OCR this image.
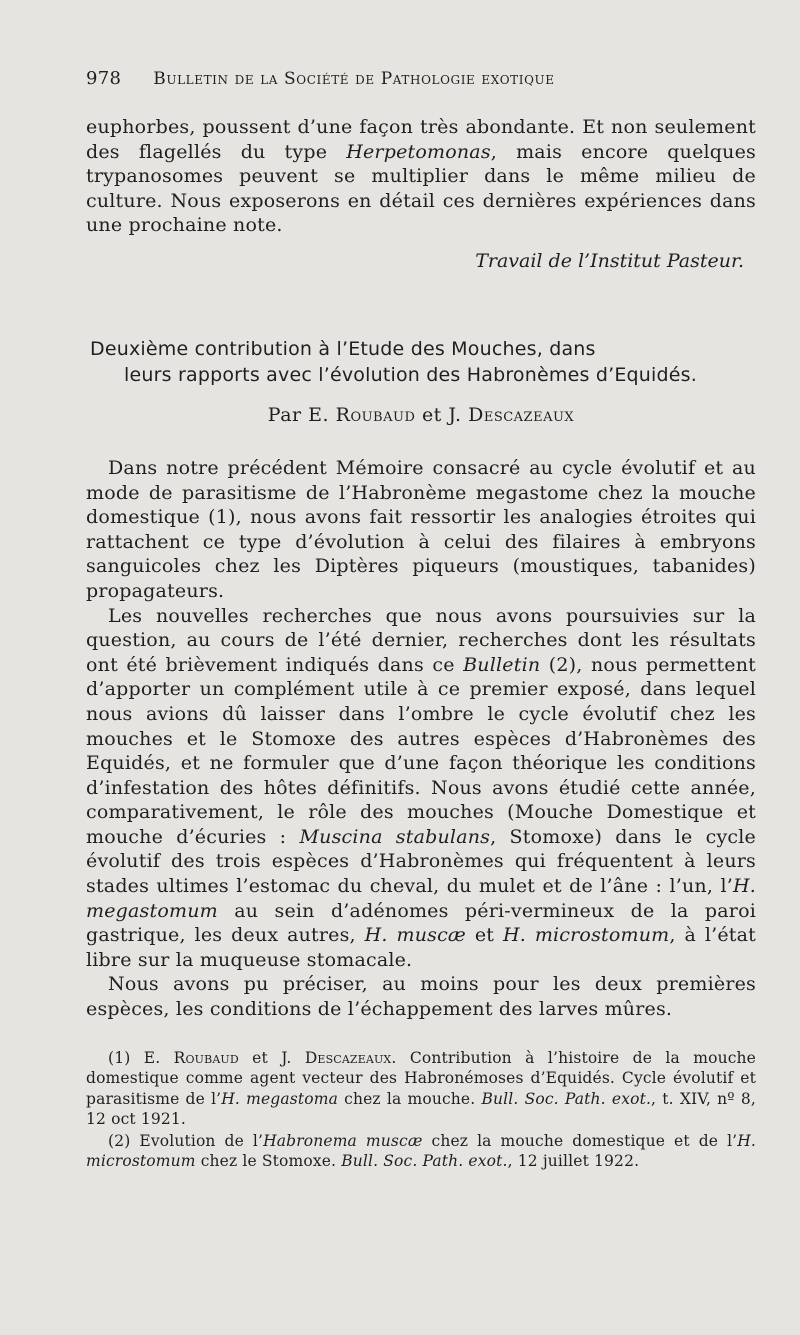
978 Bulletin de la Société de Pathologie exotique

euphorbes, poussent d’une façon très abondante. Et non seulement des flagellés du type Herpetomonas, mais encore quelques trypanosomes peuvent se multiplier dans le même milieu de culture. Nous exposerons en détail ces dernières expériences dans une prochaine note.

Travail de l’Institut Pasteur.
Deuxième contribution à l’Etude des Mouches, dans
leurs rapports avec l’évolution des Habronèmes d’Equidés.
Par E. Roubaud et J. Descazeaux

Dans notre précédent Mémoire consacré au cycle évolutif et au mode de parasitisme de l’Habronème megastome chez la mouche domestique (1), nous avons fait ressortir les analogies étroites qui rattachent ce type d’évolution à celui des filaires à embryons sanguicoles chez les Diptères piqueurs (moustiques, tabanides) propagateurs.

Les nouvelles recherches que nous avons poursuivies sur la question, au cours de l’été dernier, recherches dont les résultats ont été brièvement indiqués dans ce Bulletin (2), nous permettent d’apporter un complément utile à ce premier exposé, dans lequel nous avions dû laisser dans l’ombre le cycle évolutif chez les mouches et le Stomoxe des autres espèces d’Habronèmes des Equidés, et ne formuler que d’une façon théorique les conditions d’infestation des hôtes définitifs. Nous avons étudié cette année, comparativement, le rôle des mouches (Mouche Domestique et mouche d’écuries : Muscina stabulans, Stomoxe) dans le cycle évolutif des trois espèces d’Habronèmes qui fréquentent à leurs stades ultimes l’estomac du cheval, du mulet et de l’âne : l’un, l’H. megastomum au sein d’adénomes péri-vermineux de la paroi gastrique, les deux autres, H. muscæ et H. microstomum, à l’état libre sur la muqueuse stomacale.

Nous avons pu préciser, au moins pour les deux premières espèces, les conditions de l’échappement des larves mûres.

(1) E. Roubaud et J. Descazeaux. Contribution à l’histoire de la mouche domestique comme agent vecteur des Habronémoses d’Equidés. Cycle évolutif et parasitisme de l’H. megastoma chez la mouche. Bull. Soc. Path. exot., t. XIV, nº 8, 12 oct 1921.

(2) Evolution de l’Habronema muscæ chez la mouche domestique et de l’H. microstomum chez le Stomoxe. Bull. Soc. Path. exot., 12 juillet 1922.
